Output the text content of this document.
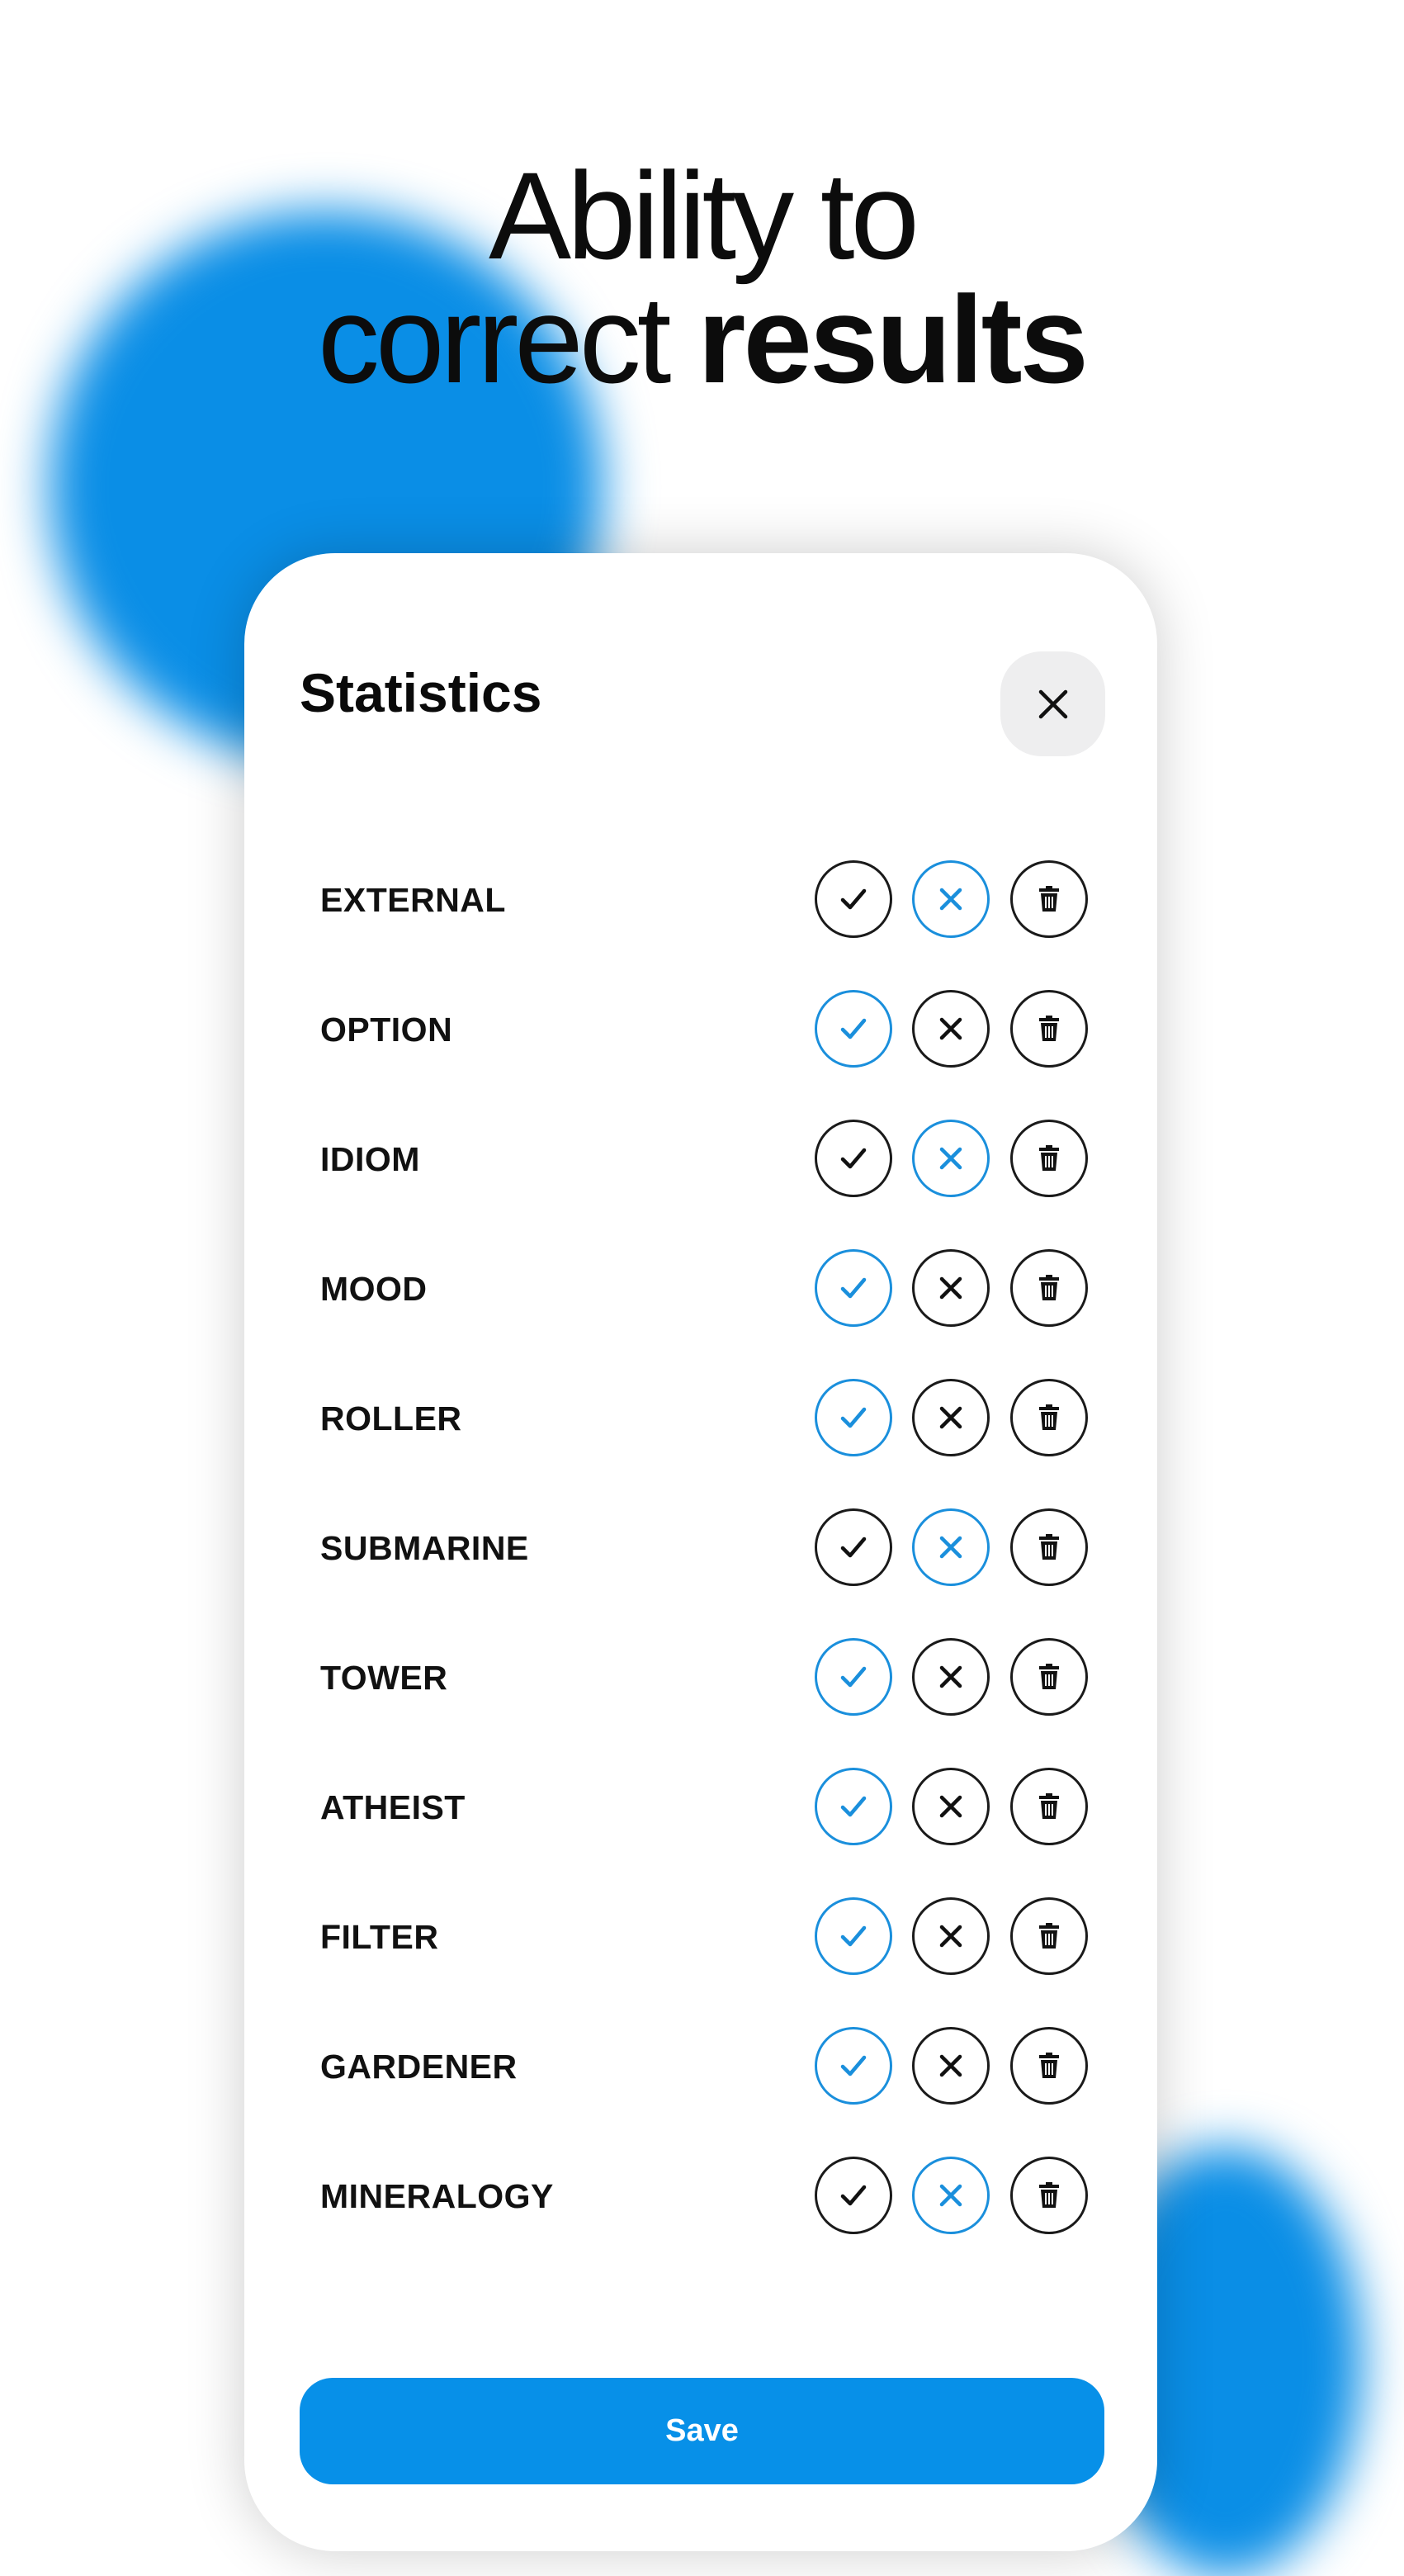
Ability to
correct results
Statistics
EXTERNAL
OPTION
IDIOM
MOOD
ROLLER
SUBMARINE
TOWER
ATHEIST
FILTER
GARDENER
MINERALOGY
Save
